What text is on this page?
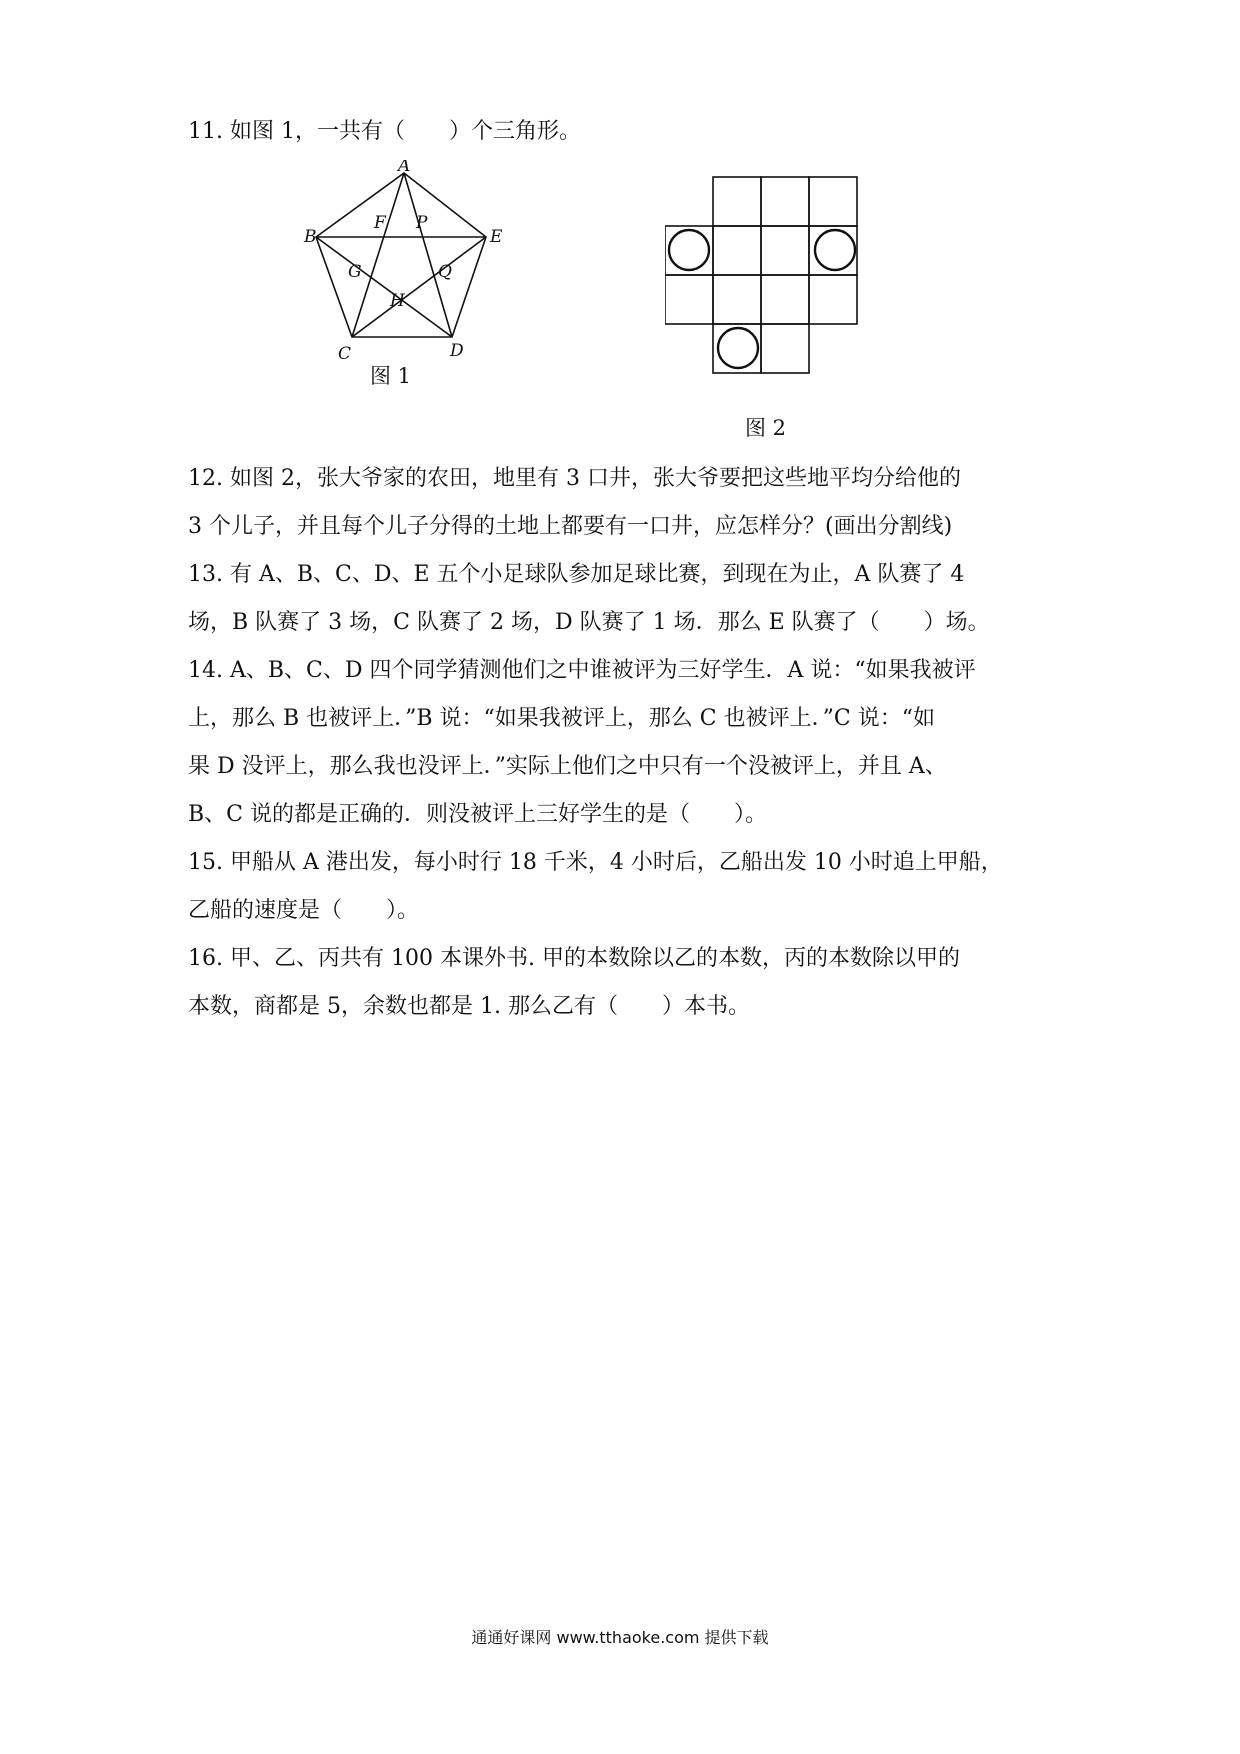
11. 如图 1，一共有（　　）个三角形。

A
B	E
C	D
F P
G	Q
H
图 1
图 2

12. 如图 2，张大爷家的农田，地里有 3 口井，张大爷要把这些地平均分给他的

3 个儿子，并且每个儿子分得的土地上都要有一口井，应怎样分？(画出分割线)

13. 有 A、B、C、D、E 五个小足球队参加足球比赛，到现在为止，A 队赛了 4

场，B 队赛了 3 场，C 队赛了 2 场，D 队赛了 1 场．那么 E 队赛了（　　）场。

14. A、B、C、D 四个同学猜测他们之中谁被评为三好学生．A 说：“如果我被评

上，那么 B 也被评上．”B 说：“如果我被评上，那么 C 也被评上．”C 说：“如

果 D 没评上，那么我也没评上．”实际上他们之中只有一个没被评上，并且 A、

B、C 说的都是正确的．则没被评上三好学生的是（　　）。

15. 甲船从 A 港出发，每小时行 18 千米，4 小时后，乙船出发 10 小时追上甲船，

乙船的速度是（　　）。

16. 甲、乙、丙共有 100 本课外书. 甲的本数除以乙的本数，丙的本数除以甲的

本数，商都是 5，余数也都是 1. 那么乙有（　　）本书。

通通好课网 www.tthaoke.com 提供下载
